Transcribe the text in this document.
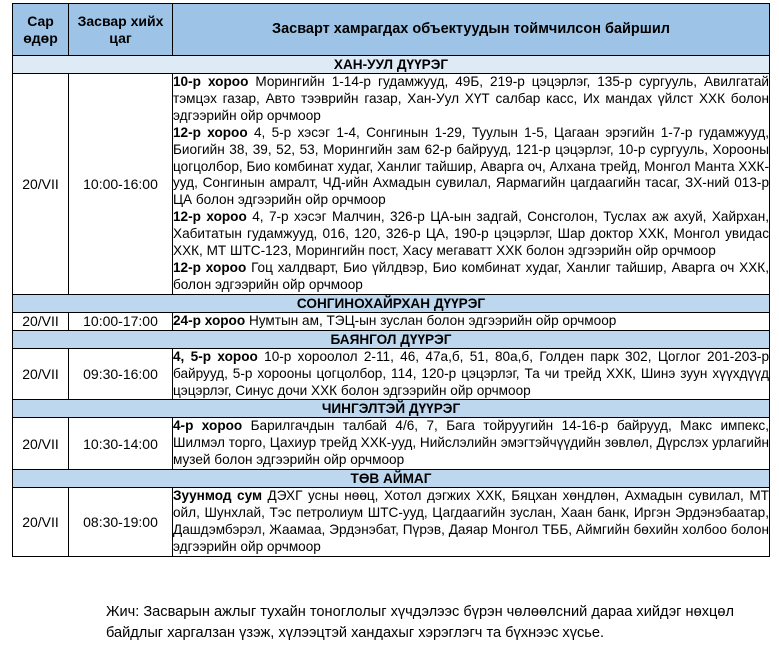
Сар өдөр	Засвар хийх цаг	Засварт хамрагдах объектуудын тоймчилсон байршил
ХАН-УУЛ ДҮҮРЭГ		
20/VII	10:00-16:00	10-р хороо Морингийн 1-14-р гудамжууд, 49Б, 219-р цэцэрлэг, 135-р сургууль, Авилгатай тэмцэх газар, Авто тээврийн газар, Хан-Уул ХҮТ салбар касс, Их мандах үйлст ХХК болон эдгээрийн ойр орчмоор

12-р хороо 4, 5-р хэсэг 1-4, Сонгинын 1-29, Туулын 1-5, Цагаан эрэгийн 1-7-р гудамжууд, Биогийн 38, 39, 52, 53, Морингийн зам 62-р байрууд, 121-р цэцэрлэг, 10-р сургууль, Хорооны цогцолбор, Био комбинат худаг, Ханлиг тайшир, Аварга оч, Алхана трейд, Монгол Манта ХХК-ууд, Сонгинын амралт, ЧД-ийн Ахмадын сувилал, Яармагийн цагдаагийн тасаг, ЗХ-ний 013-р ЦА болон эдгээрийн ойр орчмоор

12-р хороо 4, 7-р хэсэг Малчин, 326-р ЦА-ын задгай, Сонсголон, Туслах аж ахуй, Хайрхан, Хабитатын гудамжууд, 016, 120, 326-р ЦА, 190-р цэцэрлэг, Шар доктор ХХК, Монгол увидас ХХК, МТ ШТС-123, Морингийн пост, Хасу мегаватт ХХК болон эдгээрийн ойр орчмоор

12-р хороо Гоц халдварт, Био үйлдвэр, Био комбинат худаг, Ханлиг тайшир, Аварга оч ХХК, болон эдгээрийн ойр орчмоор

СОНГИНОХАЙРХАН ДҮҮРЭГ		
20/VII	10:00-17:00	24-р хороо Нумтын ам, ТЭЦ-ын зуслан болон эдгээрийн ойр орчмоор

БАЯНГОЛ ДҮҮРЭГ		
20/VII	09:30-16:00	4, 5-р хороо 10-р хороолол 2-11, 46, 47а,б, 51, 80а,б, Голден парк 302, Цоглог 201-203-р байрууд, 5-р хорооны цогцолбор, 114, 120-р цэцэрлэг, Та чи трейд ХХК, Шинэ зуун хүүхдүүд цэцэрлэг, Синус дочи ХХК болон эдгээрийн ойр орчмоор

ЧИНГЭЛТЭЙ ДҮҮРЭГ		
20/VII	10:30-14:00	4-р хороо Барилгачдын талбай 4/6, 7, Бага тойруугийн 14-16-р байрууд, Макс импекс, Шилмэл торго, Цахиур трейд ХХК-ууд, Нийслэлийн эмэгтэйчүүдийн зөвлөл, Дүрслэх урлагийн музей болон эдгээрийн ойр орчмоор

ТӨВ АЙМАГ		
20/VII	08:30-19:00	Зуунмод сум ДЭХГ усны нөөц, Хотол дэгжих ХХК, Бяцхан хөндлөн, Ахмадын сувилал, МТ ойл, Шунхлай, Тэс петролиум ШТС-ууд, Цагдаагийн зуслан, Хаан банк, Иргэн Эрдэнэбаатар, Дашдэмбэрэл, Жаамаа, Эрдэнэбат, Пүрэв, Даяар Монгол ТББ, Аймгийн бөхийн холбоо болон эдгээрийн ойр орчмоор

Жич: Засварын ажлыг тухайн тоноглолыг хүчдэлээс бүрэн чөлөөлсний дараа хийдэг нөхцөл байдлыг харгалзан үзэж, хүлээцтэй хандахыг хэрэглэгч та бүхнээс хүсье.
